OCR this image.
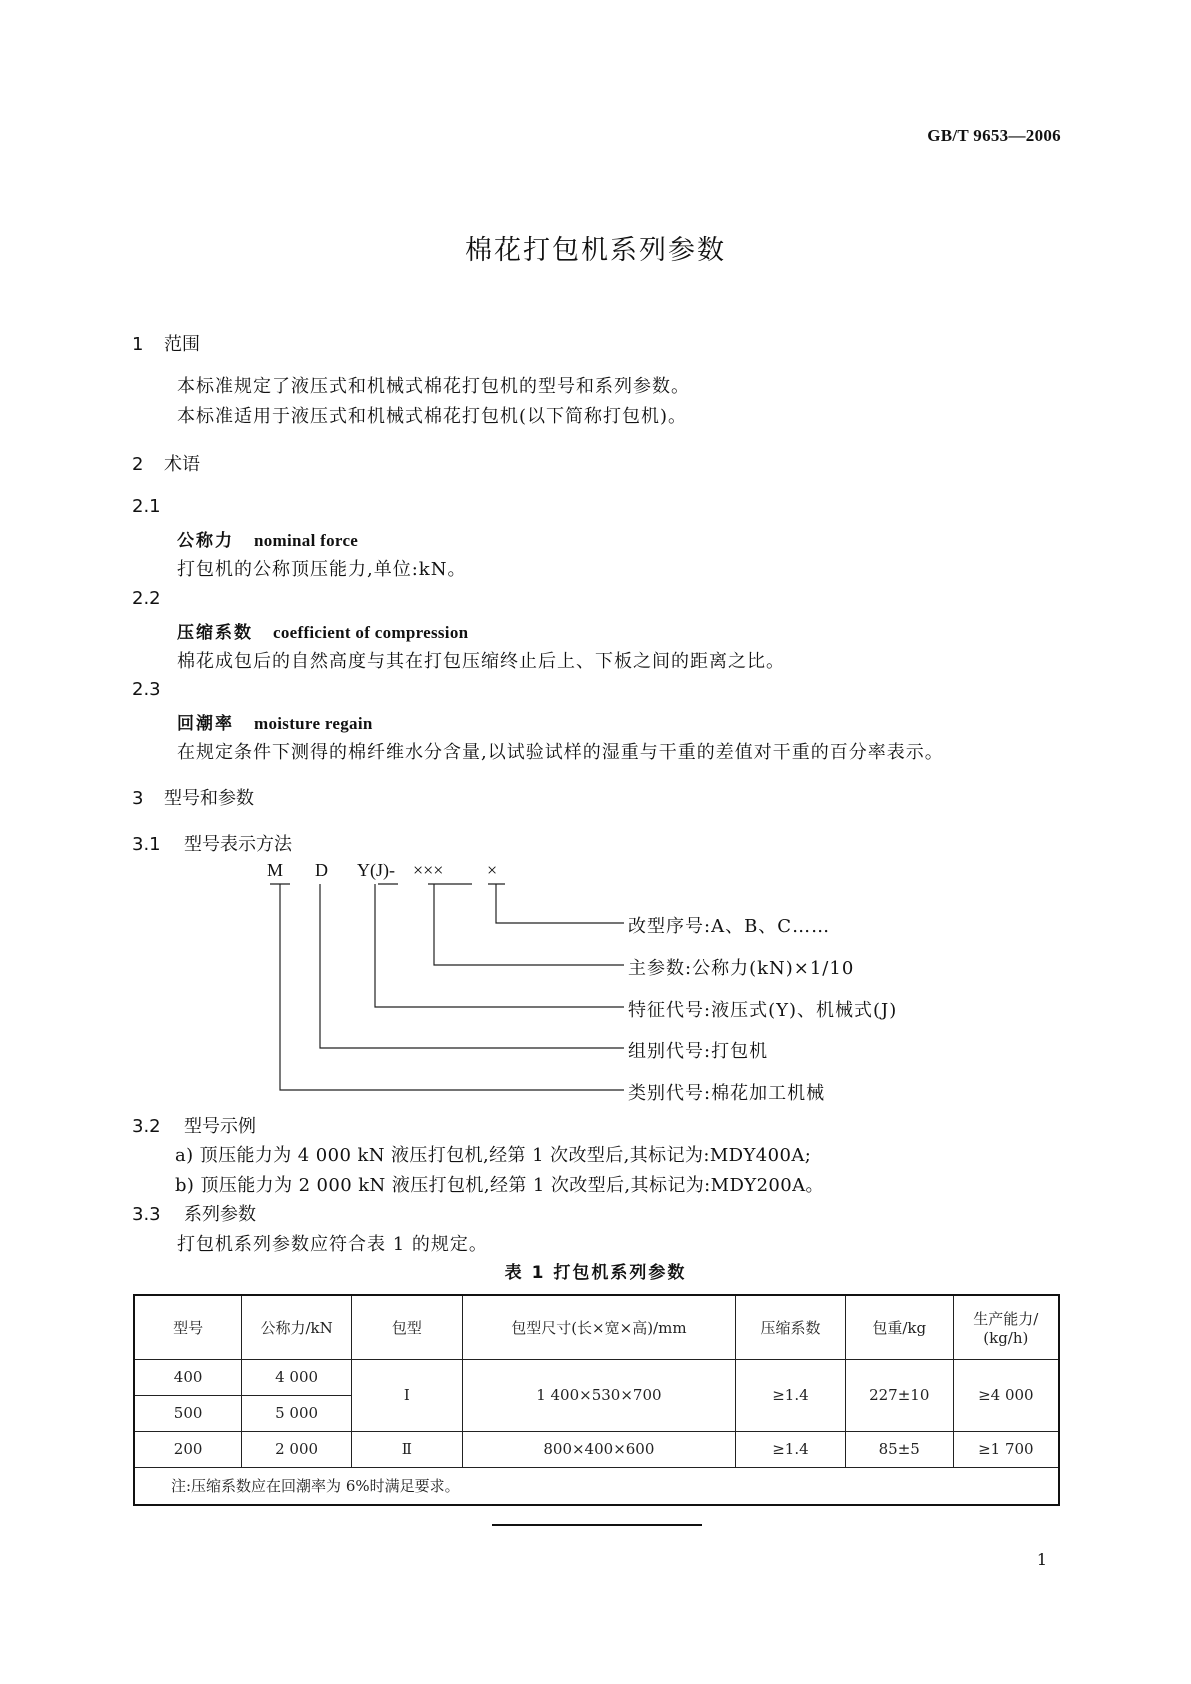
GB/T 9653—2006
棉花打包机系列参数
1 范围
本标准规定了液压式和机械式棉花打包机的型号和系列参数。
本标准适用于液压式和机械式棉花打包机(以下简称打包机)。
2 术语
2.1
公称力 nominal force
打包机的公称顶压能力,单位:kN。
2.2
压缩系数 coefficient of compression
棉花成包后的自然高度与其在打包压缩终止后上、下板之间的距离之比。
2.3
回潮率 moisture regain
在规定条件下测得的棉纤维水分含量,以试验试样的湿重与干重的差值对干重的百分率表示。
3 型号和参数
3.1 型号表示方法
M D Y(J)- ××× ×
改型序号:A、B、C……
主参数:公称力(kN)×1/10
特征代号:液压式(Y)、机械式(J)
组别代号:打包机
类别代号:棉花加工机械
3.2 型号示例
a) 顶压能力为 4 000 kN 液压打包机,经第 1 次改型后,其标记为:MDY400A;
b) 顶压能力为 2 000 kN 液压打包机,经第 1 次改型后,其标记为:MDY200A。
3.3 系列参数
打包机系列参数应符合表 1 的规定。
表 1 打包机系列参数
型号	公称力/kN	包型	包型尺寸(长×宽×高)/mm	压缩系数	包重/kg	生产能力/
(kg/h)
400	4 000	Ⅰ	1 400×530×700	≥1.4	227±10	≥4 000
500	5 000					
200	2 000	Ⅱ	800×400×600	≥1.4	85±5	≥1 700
注:压缩系数应在回潮率为 6%时满足要求。						
1
